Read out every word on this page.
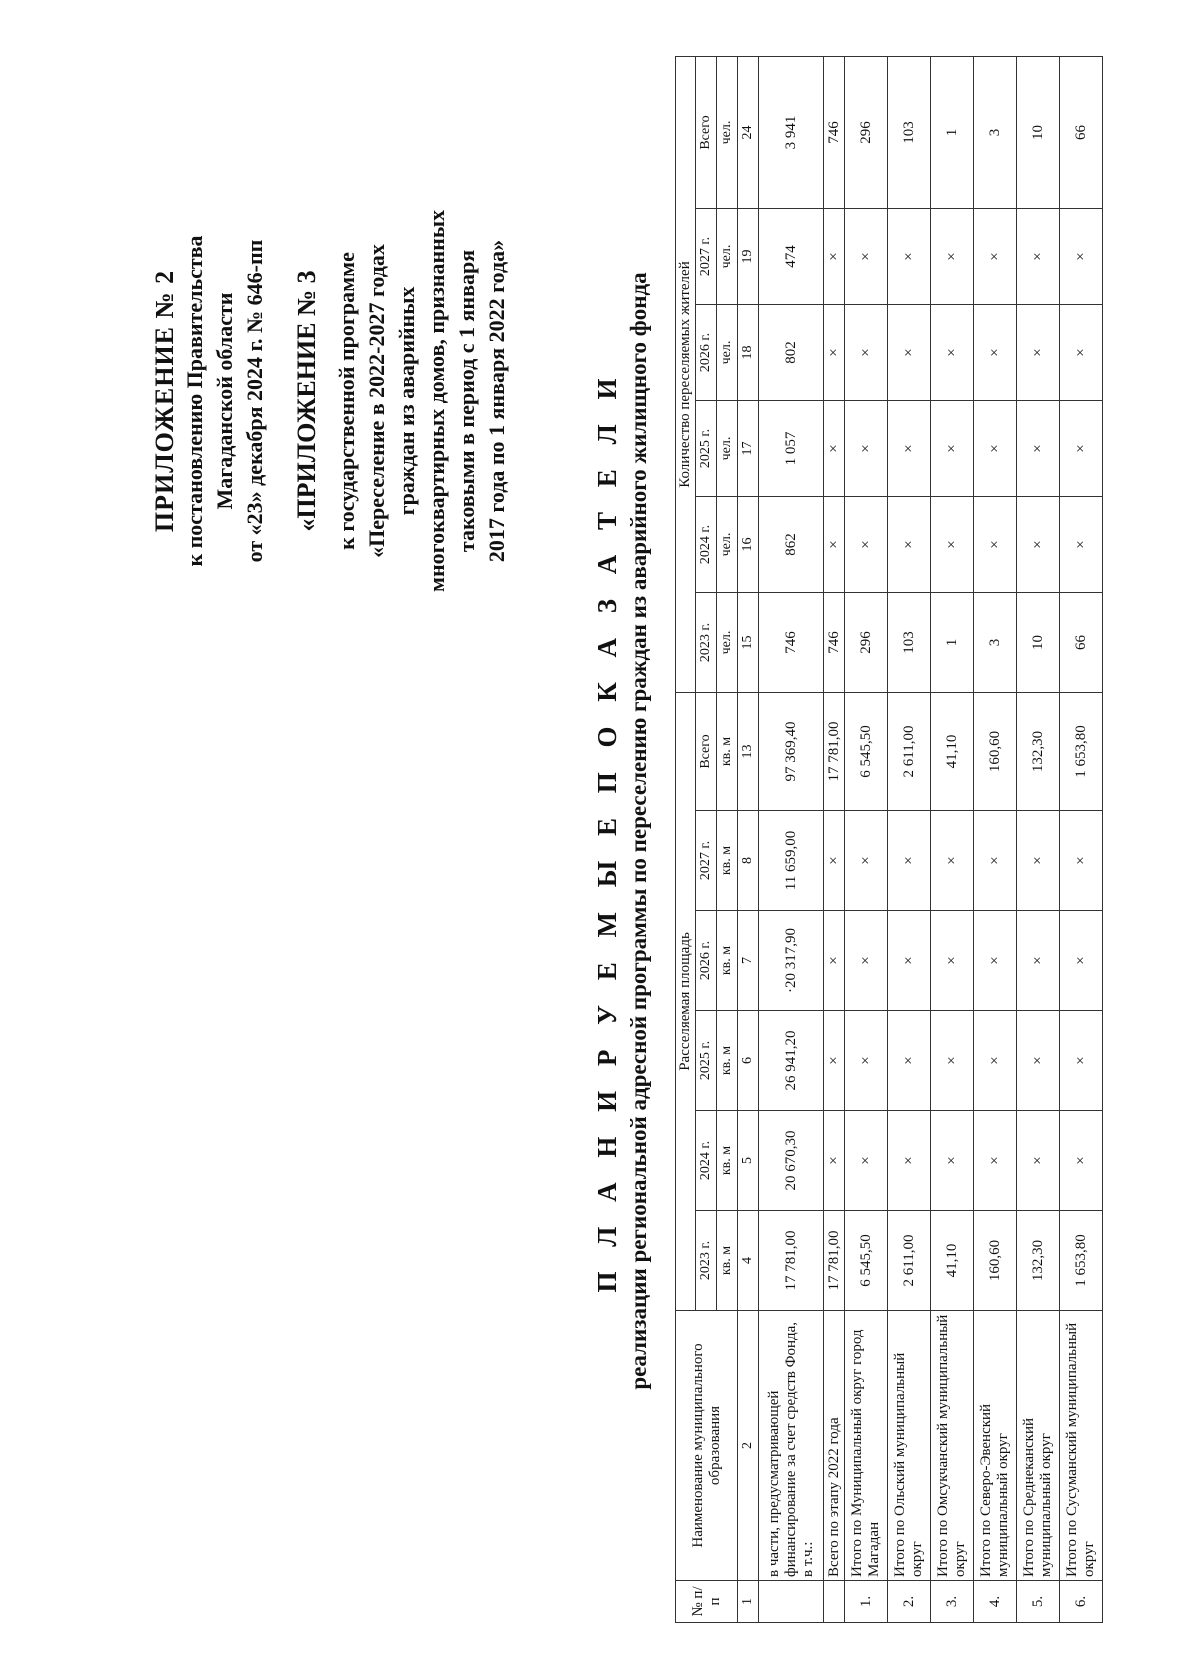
ПРИЛОЖЕНИЕ № 2 к постановлению Правительства Магаданской области от «23» декабря 2024 г. № 646-пп «ПРИЛОЖЕНИЕ № 3 к государственной программе «Переселение в 2022-2027 годах граждан из аварийных многоквартирных домов, признанных таковыми в период с 1 января 2017 года по 1 января 2022 года»	П Л А Н И Р У Е М Ы Е П О К А З А Т Е Л И реализации региональной адресной программы по переселению граждан из аварийного жилищного фонда
№ п/п	Наименование муниципального образования	Расселяемая площадь						Количество переселяемых жителей					
		2023 г.	2024 г.	2025 г.	2026 г.	2027 г.	Всего	2023 г.	2024 г.	2025 г.	2026 г.	2027 г.	Всего
		кв. м	кв. м	кв. м	кв. м	кв. м	кв. м	чел.	чел.	чел.	чел.	чел.	чел.
1	2	4	5	6	7	8	13	15	16	17	18	19	24
	в части, предусматривающей финансирование за счет средств Фонда, в т.ч.:	17 781,00	20 670,30	26 941,20	·20 317,90	11 659,00	97 369,40	746	862	1 057	802	474	3 941
	Всего по этапу 2022 года	17 781,00	×	×	×	×	17 781,00	746	×	×	×	×	746
1.	Итого по Муниципальный округ город Магадан	6 545,50	×	×	×	×	6 545,50	296	×	×	×	×	296
2.	Итого по Ольский муниципальный округ	2 611,00	×	×	×	×	2 611,00	103	×	×	×	×	103
3.	Итого по Омсукчанский муниципальный округ	41,10	×	×	×	×	41,10	1	×	×	×	×	1
4.	Итого по Северо-Эвенский муниципальный округ	160,60	×	×	×	×	160,60	3	×	×	×	×	3
5.	Итого по Среднеканский муниципальный округ	132,30	×	×	×	×	132,30	10	×	×	×	×	10
6.	Итого по Сусуманский муниципальный округ	1 653,80	×	×	×	×	1 653,80	66	×	×	×	×	66
